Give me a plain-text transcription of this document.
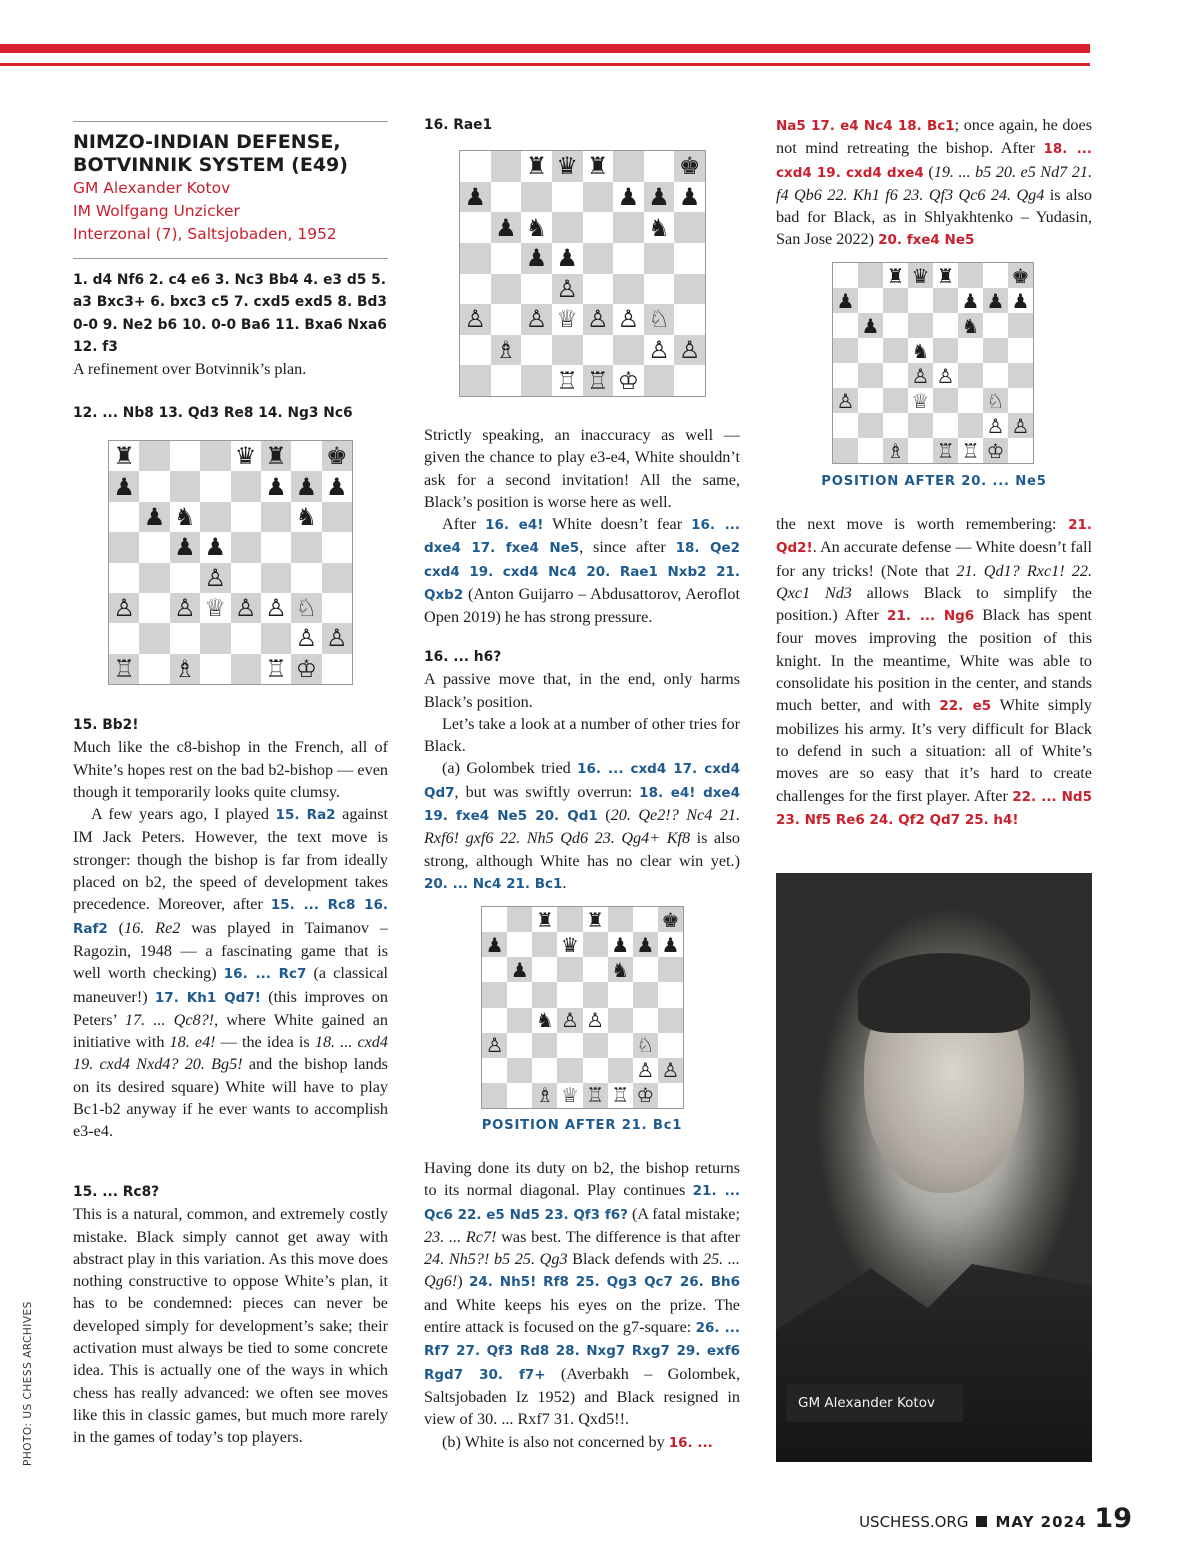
NIMZO-INDIAN DEFENSE, BOTVINNIK SYSTEM (E49)
GM Alexander Kotov
IM Wolfgang Unzicker
Interzonal (7), Saltsjobaden, 1952

1. d4 Nf6 2. c4 e6 3. Nc3 Bb4 4. e3 d5 5. a3 Bxc3+ 6. bxc3 c5 7. cxd5 exd5 8. Bd3 0-0 9. Ne2 b6 10. 0-0 Ba6 11. Bxa6 Nxa6 12. f3

A refinement over Botvinnik’s plan.

12. ... Nb8 13. Qd3 Re8 14. Ng3 Nc6

♜	♛ ♜ ♚
♟	♟ ♟ ♟
♟ ♞	♞
♟ ♟
♙
♙ ♙ ♕ ♙ ♙ ♘
♙ ♙
♖ ♗	♖ ♔

15. Bb2!

Much like the c8-bishop in the French, all of White’s hopes rest on the bad b2-bishop — even though it temporarily looks quite clumsy.

A few years ago, I played 15. Ra2 against IM Jack Peters. However, the text move is stronger: though the bishop is far from ideally placed on b2, the speed of development takes precedence. Moreover, after 15. ... Rc8 16. Raf2 (16. Re2 was played in Taimanov – Ragozin, 1948 — a fascinating game that is well worth checking) 16. ... Rc7 (a classical maneuver!) 17. Kh1 Qd7! (this improves on Peters’ 17. ... Qc8?!, where White gained an initiative with 18. e4! — the idea is 18. ... cxd4 19. cxd4 Nxd4? 20. Bg5! and the bishop lands on its desired square) White will have to play Bc1-b2 anyway if he ever wants to accomplish e3-e4.

15. ... Rc8?

This is a natural, common, and extremely costly mistake. Black simply cannot get away with abstract play in this variation. As this move does nothing constructive to oppose White’s plan, it has to be condemned: pieces can never be developed simply for development’s sake; their activation must always be tied to some concrete idea. This is actually one of the ways in which chess has really advanced: we often see moves like this in classic games, but much more rarely in the games of today’s top players.

16. Rae1

♜ ♛ ♜	♚
♟	♟ ♟ ♟
♟ ♞	♞
♟ ♟
♙
♙ ♙ ♕ ♙ ♙ ♘
♗	♙ ♙
♖ ♖ ♔

Strictly speaking, an inaccuracy as well — given the chance to play e3-e4, White shouldn’t ask for a second invitation! All the same, Black’s position is worse here as well.

After 16. e4! White doesn’t fear 16. ... dxe4 17. fxe4 Ne5, since after 18. Qe2 cxd4 19. cxd4 Nc4 20. Rae1 Nxb2 21. Qxb2 (Anton Guijarro – Abdusattorov, Aeroflot Open 2019) he has strong pressure.

16. ... h6?

A passive move that, in the end, only harms Black’s position.

Let’s take a look at a number of other tries for Black.

(a) Golombek tried 16. ... cxd4 17. cxd4 Qd7, but was swiftly overrun: 18. e4! dxe4 19. fxe4 Ne5 20. Qd1 (20. Qe2!? Nc4 21. Rxf6! gxf6 22. Nh5 Qd6 23. Qg4+ Kf8 is also strong, although White has no clear win yet.) 20. ... Nc4 21. Bc1.

♜ ♜	♚
♟	♛ ♟ ♟ ♟
♟	♞
♞ ♙ ♙
♙	♘
♙ ♙
♗ ♕ ♖ ♖ ♔
POSITION AFTER 21. Bc1

Having done its duty on b2, the bishop returns to its normal diagonal. Play continues 21. ... Qc6 22. e5 Nd5 23. Qf3 f6? (A fatal mistake; 23. ... Rc7! was best. The difference is that after 24. Nh5?! b5 25. Qg3 Black defends with 25. ... Qg6!) 24. Nh5! Rf8 25. Qg3 Qc7 26. Bh6 and White keeps his eyes on the prize. The entire attack is focused on the g7-square: 26. ... Rf7 27. Qf3 Rd8 28. Nxg7 Rxg7 29. exf6 Rgd7 30. f7+ (Averbakh – Golombek, Saltsjobaden Iz 1952) and Black resigned in view of 30. ... Rxf7 31. Qxd5!!.

(b) White is also not concerned by 16. ...

Na5 17. e4 Nc4 18. Bc1; once again, he does not mind retreating the bishop. After 18. ... cxd4 19. cxd4 dxe4 (19. ... b5 20. e5 Nd7 21. f4 Qb6 22. Kh1 f6 23. Qf3 Qc6 24. Qg4 is also bad for Black, as in Shlyakhtenko – Yudasin, San Jose 2022) 20. fxe4 Ne5

♜ ♛ ♜	♚
♟	♟ ♟ ♟
♟	♞
♞
♙ ♙
♙	♕	♘
♙ ♙
♗ ♖ ♖ ♔
POSITION AFTER 20. ... Ne5

the next move is worth remembering: 21. Qd2!. An accurate defense — White doesn’t fall for any tricks! (Note that 21. Qd1? Rxc1! 22. Qxc1 Nd3 allows Black to simplify the position.) After 21. ... Ng6 Black has spent four moves improving the position of this knight. In the meantime, White was able to consolidate his position in the center, and stands much better, and with 22. e5 White simply mobilizes his army. It’s very difficult for Black to defend in such a situation: all of White’s moves are so easy that it’s hard to create challenges for the first player. After 22. ... Nd5 23. Nf5 Re6 24. Qf2 Qd7 25. h4!

GM Alexander Kotov
PHOTO: US CHESS ARCHIVES
USCHESS.ORG MAY 2024 19
